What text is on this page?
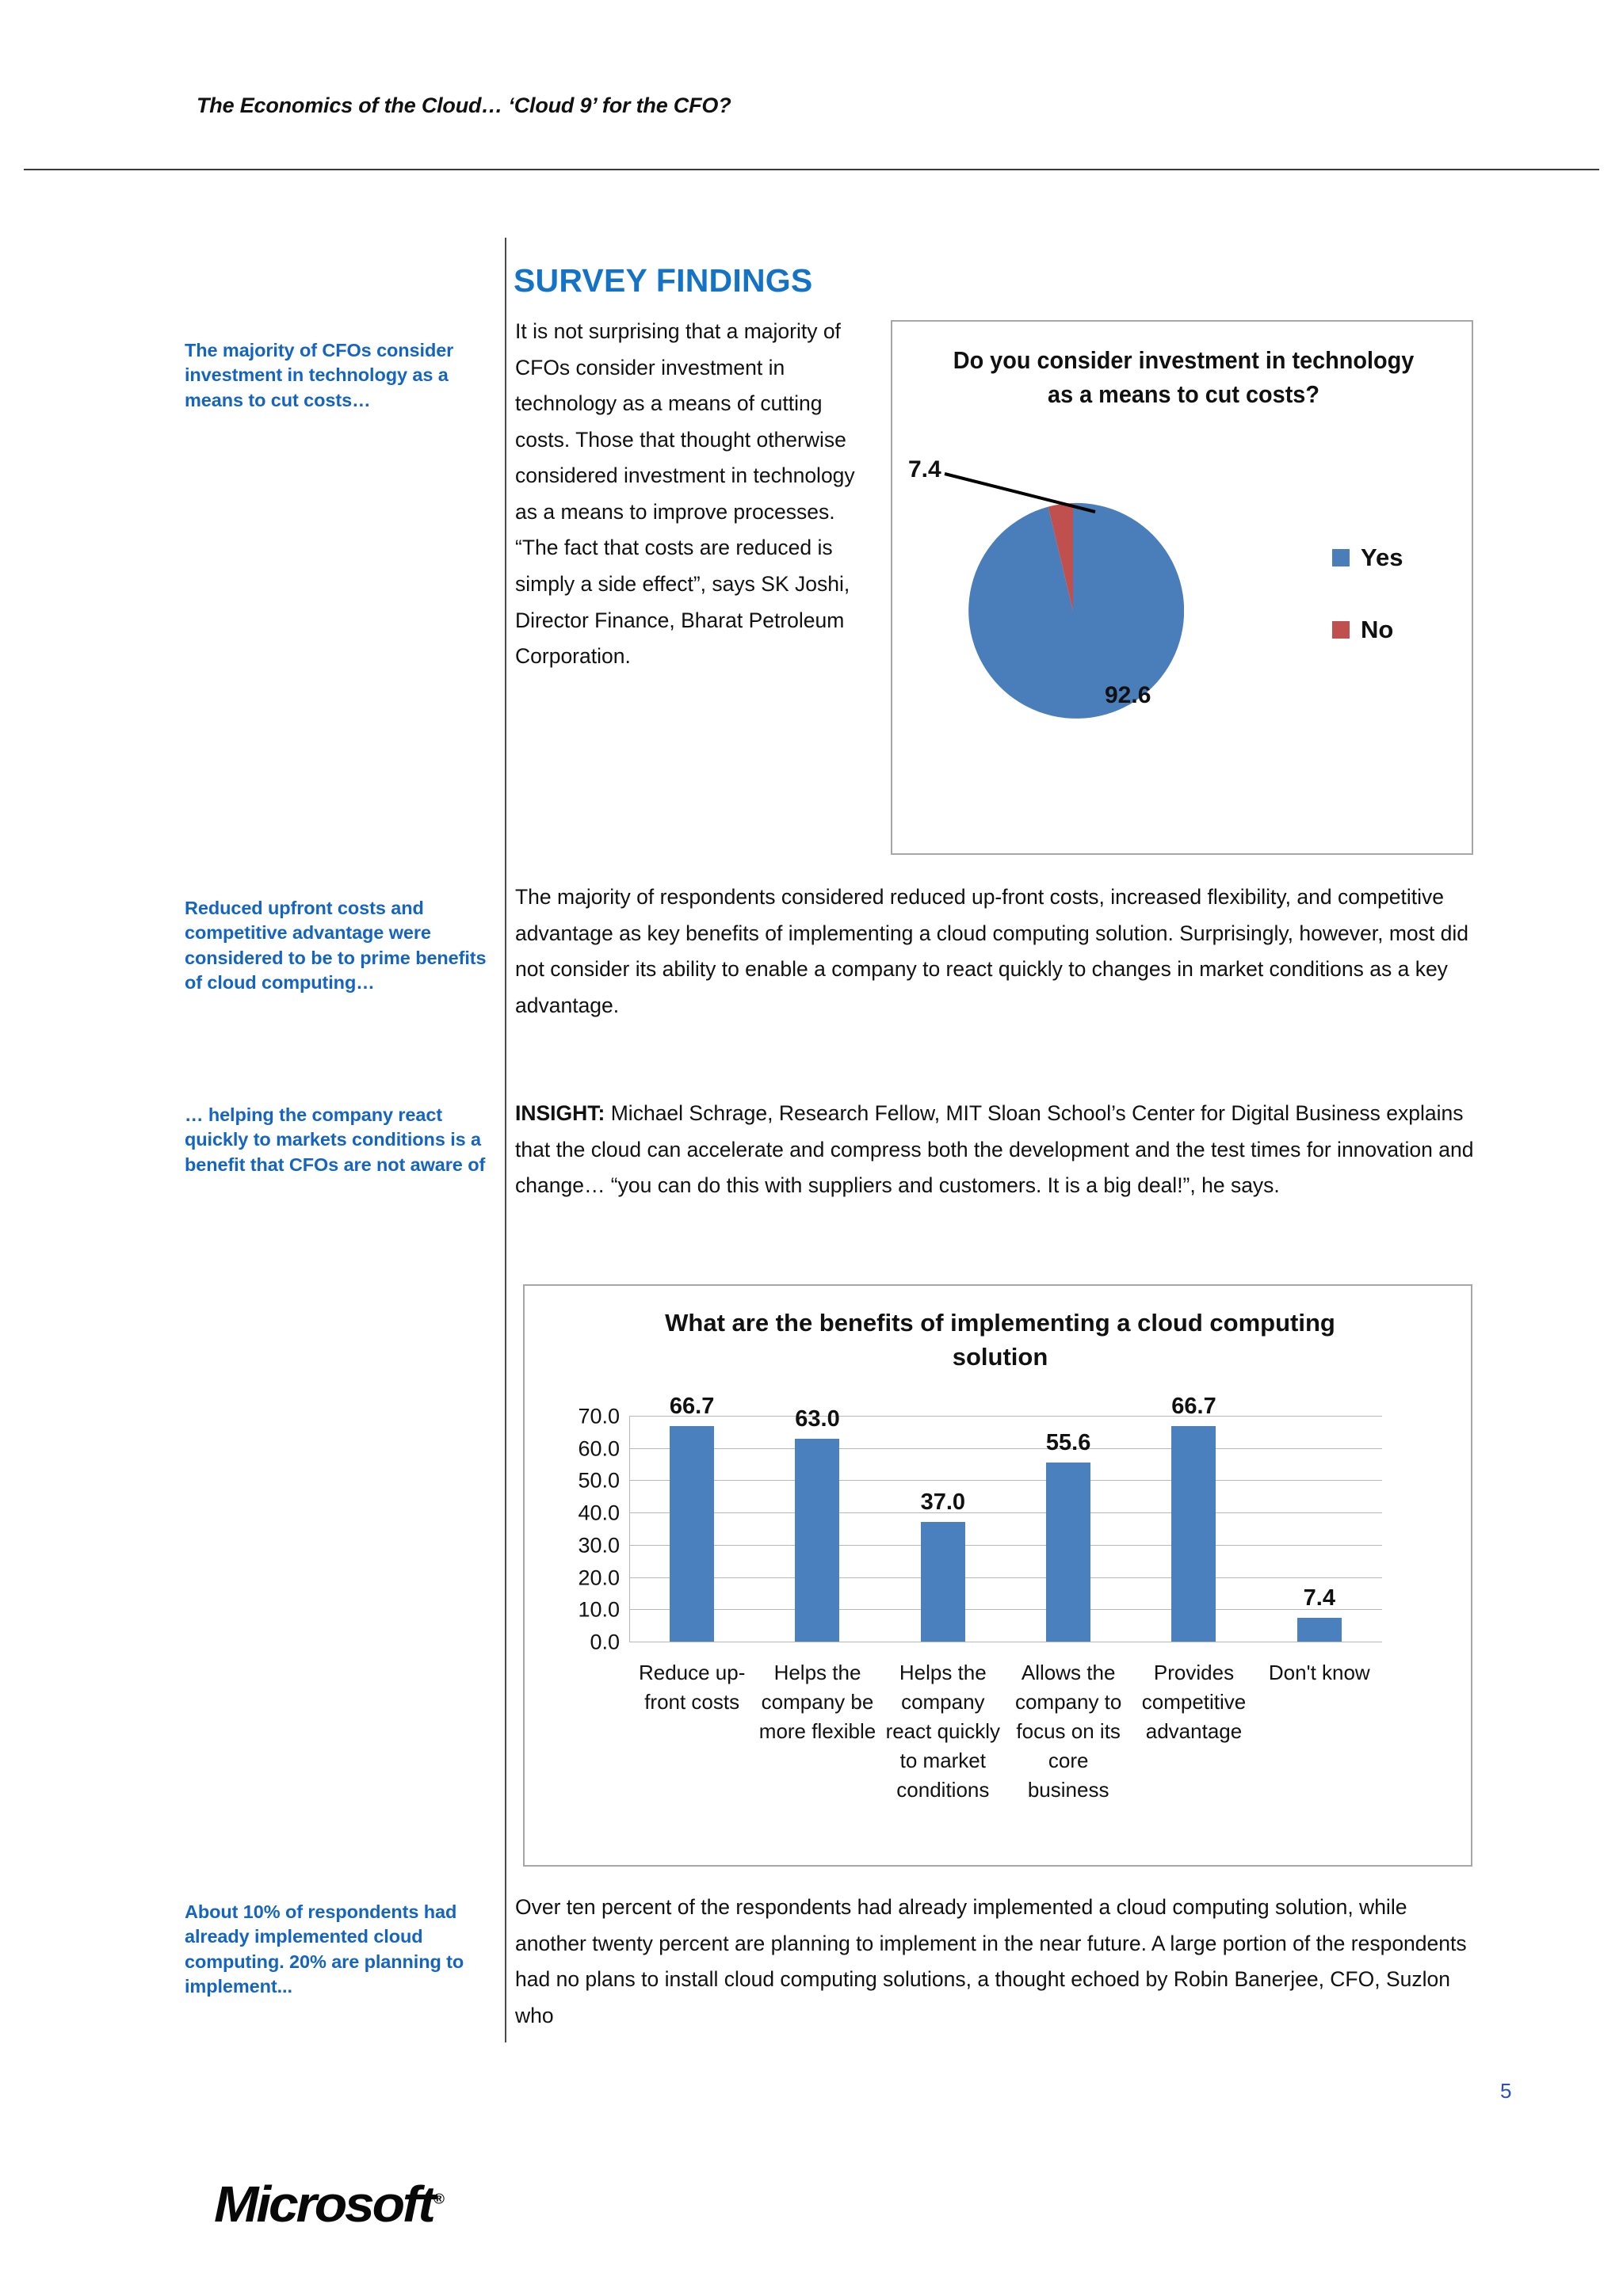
The Economics of the Cloud… ‘Cloud 9’ for the CFO?
The majority of CFOs consider investment in technology as a means to cut costs…
Reduced upfront costs and competitive advantage were considered to be to prime benefits of cloud computing…
… helping the company react quickly to markets conditions is a benefit that CFOs are not aware of
About 10% of respondents had already implemented cloud computing. 20% are planning to implement...
SURVEY FINDINGS
It is not surprising that a majority of CFOs consider investment in technology as a means of cutting costs. Those that thought otherwise considered investment in technology as a means to improve processes. “The fact that costs are reduced is simply a side effect”, says SK Joshi, Director Finance, Bharat Petroleum Corporation.
Do you consider investment in technology as a means to cut costs?
7.4
92.6
Yes
No
The majority of respondents considered reduced up-front costs, increased flexibility, and competitive advantage as key benefits of implementing a cloud computing solution. Surprisingly, however, most did not consider its ability to enable a company to react quickly to changes in market conditions as a key advantage.
INSIGHT: Michael Schrage, Research Fellow, MIT Sloan School’s Center for Digital Business explains that the cloud can accelerate and compress both the development and the test times for innovation and change… “you can do this with suppliers and customers. It is a big deal!”, he says.
What are the benefits of implementing a cloud computing solution
70.0
60.0
50.0
40.0
30.0
20.0
10.0
0.0
66.7	63.0
37.0
55.6
66.7
7.4
Reduce up-front costs
Helps the company be more flexible
Helps the company react quickly to market conditions
Allows the company to focus on its core business
Provides competitive advantage
Don't know
Over ten percent of the respondents had already implemented a cloud computing solution, while another twenty percent are planning to implement in the near future. A large portion of the respondents had no plans to install cloud computing solutions, a thought echoed by Robin Banerjee, CFO, Suzlon who
5
Microsoft®
